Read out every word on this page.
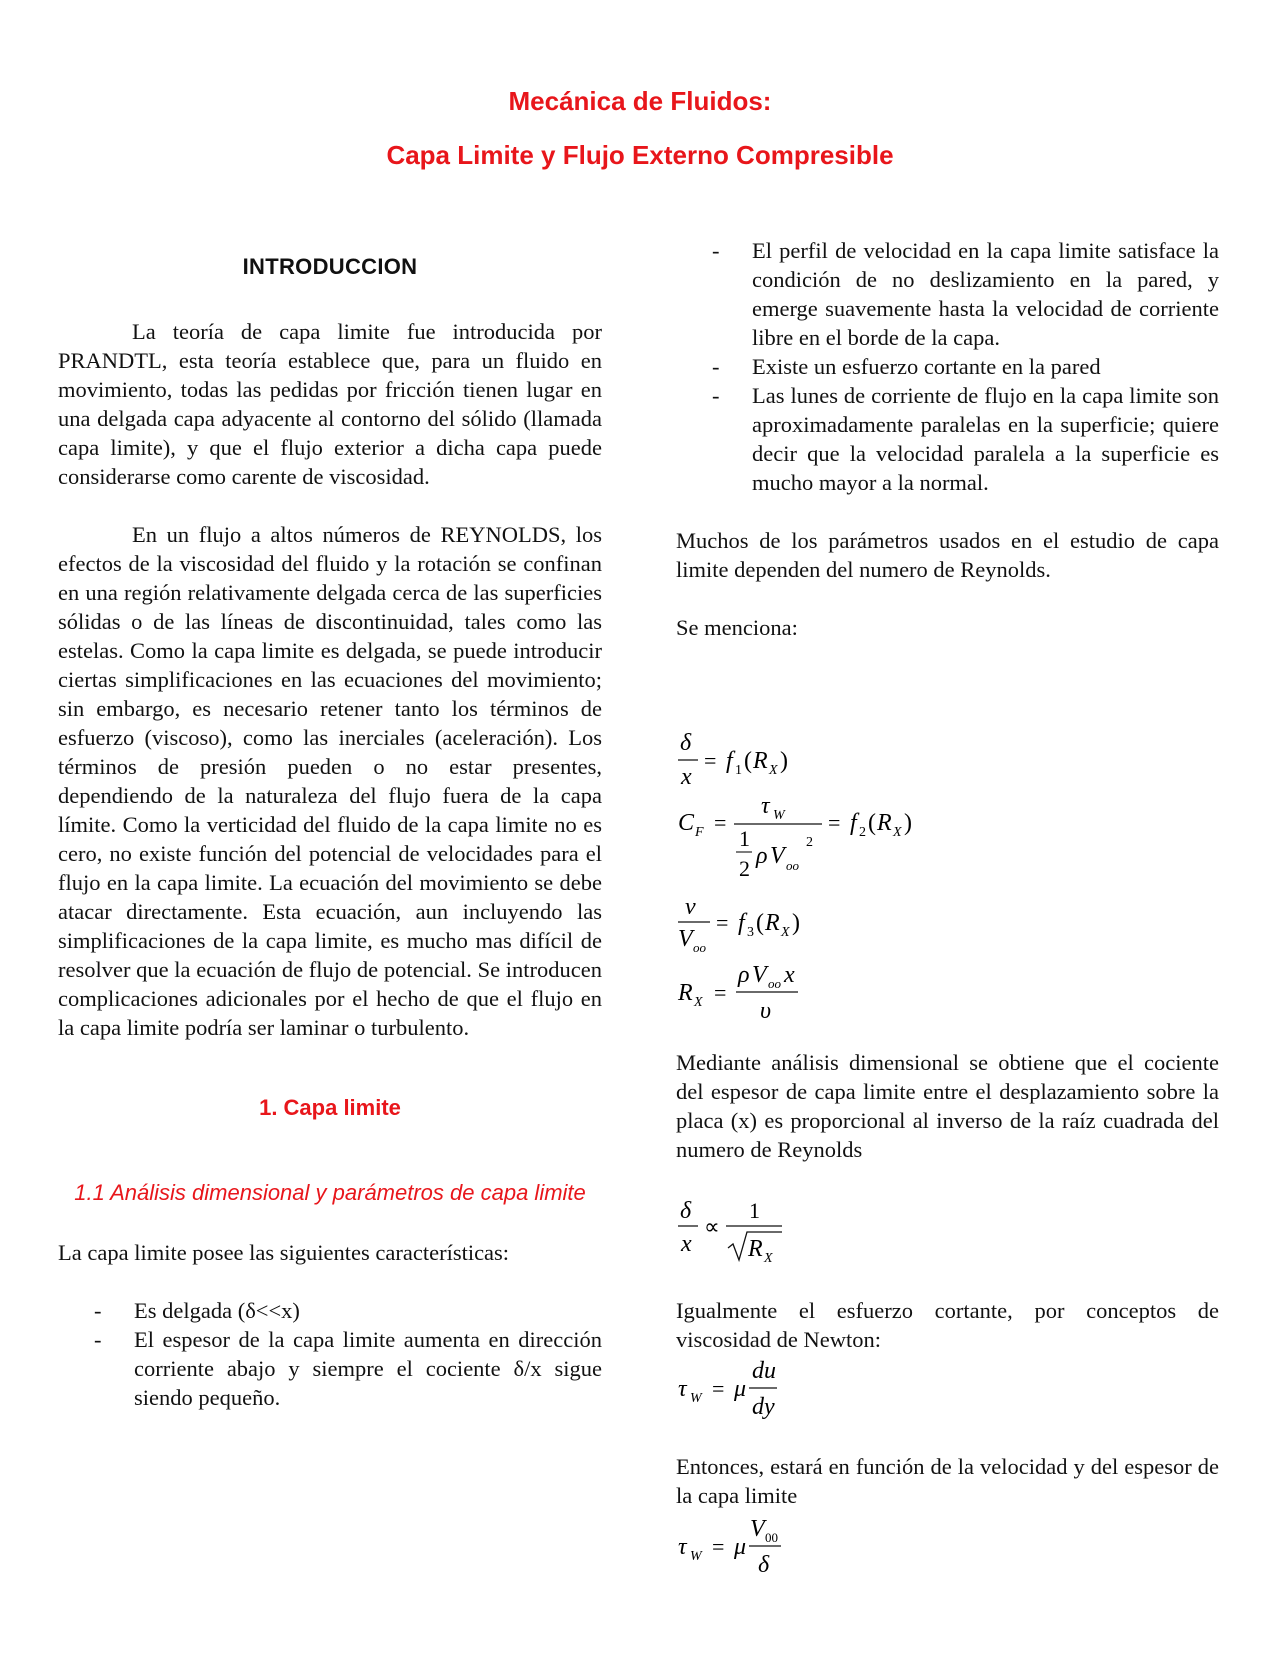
Mecánica de Fluidos:
Capa Limite y Flujo Externo Compresible
INTRODUCCION

La teoría de capa limite fue introducida por PRANDTL, esta teoría establece que, para un fluido en movimiento, todas las pedidas por fricción tienen lugar en una delgada capa adyacente al contorno del sólido (llamada capa limite), y que el flujo exterior a dicha capa puede considerarse como carente de viscosidad.

En un flujo a altos números de REYNOLDS, los efectos de la viscosidad del fluido y la rotación se confinan en una región relativamente delgada cerca de las superficies sólidas o de las líneas de discontinuidad, tales como las estelas. Como la capa limite es delgada, se puede introducir ciertas simplificaciones en las ecuaciones del movimiento; sin embargo, es necesario retener tanto los términos de esfuerzo (viscoso), como las inerciales (aceleración). Los términos de presión pueden o no estar presentes, dependiendo de la naturaleza del flujo fuera de la capa límite. Como la verticidad del fluido de la capa limite no es cero, no existe función del potencial de velocidades para el flujo en la capa limite. La ecuación del movimiento se debe atacar directamente. Esta ecuación, aun incluyendo las simplificaciones de la capa limite, es mucho mas difícil de resolver que la ecuación de flujo de potencial. Se introducen complicaciones adicionales por el hecho de que el flujo en la capa limite podría ser laminar o turbulento.

1. Capa limite
1.1 Análisis dimensional y parámetros de capa limite

La capa limite posee las siguientes características:

- Es delgada (δ<<x)
- El espesor de la capa limite aumenta en dirección corriente abajo y siempre el cociente δ/x sigue siendo pequeño.
- El perfil de velocidad en la capa limite satisface la condición de no deslizamiento en la pared, y emerge suavemente hasta la velocidad de corriente libre en el borde de la capa.
- Existe un esfuerzo cortante en la pared
- Las lunes de corriente de flujo en la capa limite son aproximadamente paralelas en la superficie; quiere decir que la velocidad paralela a la superficie es mucho mayor a la normal.

Muchos de los parámetros usados en el estudio de capa limite dependen del numero de Reynolds.

Se menciona:

δ
x
= f 1 ( R X )
C F =
τ W
1
2 ρ V oo
2
= f 2 ( R X )
v
V oo
= f 3 ( R X )
R X =
ρ V oo x
υ

Mediante análisis dimensional se obtiene que el cociente del espesor de capa limite entre el desplazamiento sobre la placa (x) es proporcional al inverso de la raíz cuadrada del numero de Reynolds

δ
x
∝
1
R X

Igualmente el esfuerzo cortante, por conceptos de viscosidad de Newton:

τ W = μ
du
dy

Entonces, estará en función de la velocidad y del espesor de la capa limite

τ W = μ
V 00
δ
